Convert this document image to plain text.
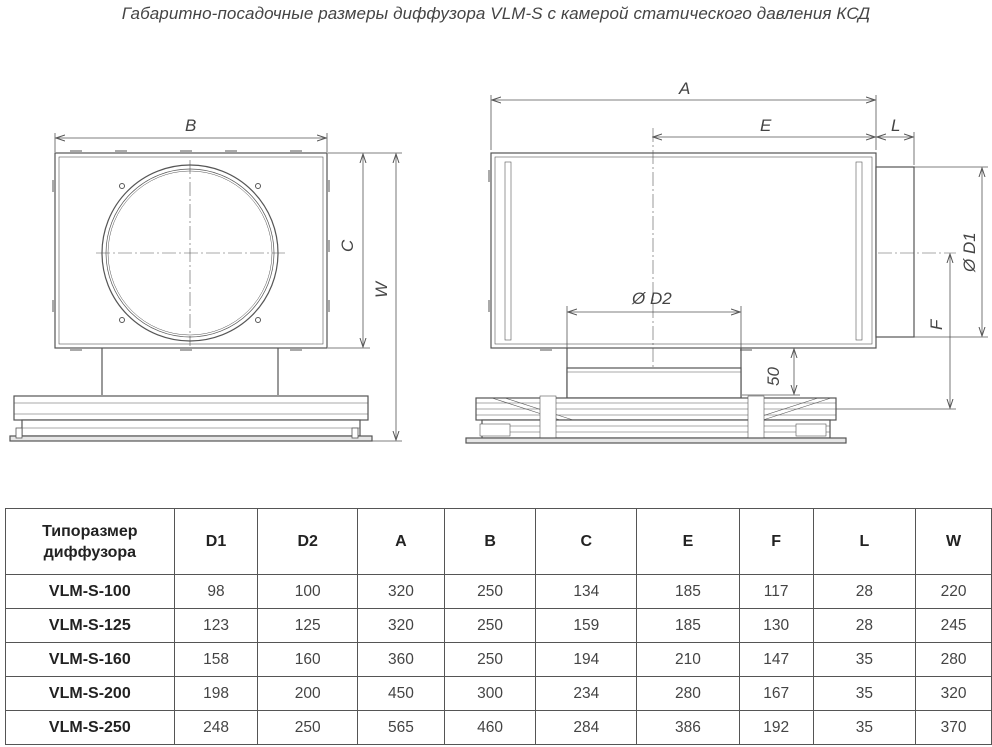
Габаритно-посадочные размеры диффузора VLM-S с камерой статического давления КСД
B
C
W
A
E	L
Ø D1
Ø D2
F
50
Типоразмер
диффузора	D1	D2	A	B	C	E	F	L	W
VLM-S-100	98	100	320	250	134	185	117	28	220
VLM-S-125	123	125	320	250	159	185	130	28	245
VLM-S-160	158	160	360	250	194	210	147	35	280
VLM-S-200	198	200	450	300	234	280	167	35	320
VLM-S-250	248	250	565	460	284	386	192	35	370
